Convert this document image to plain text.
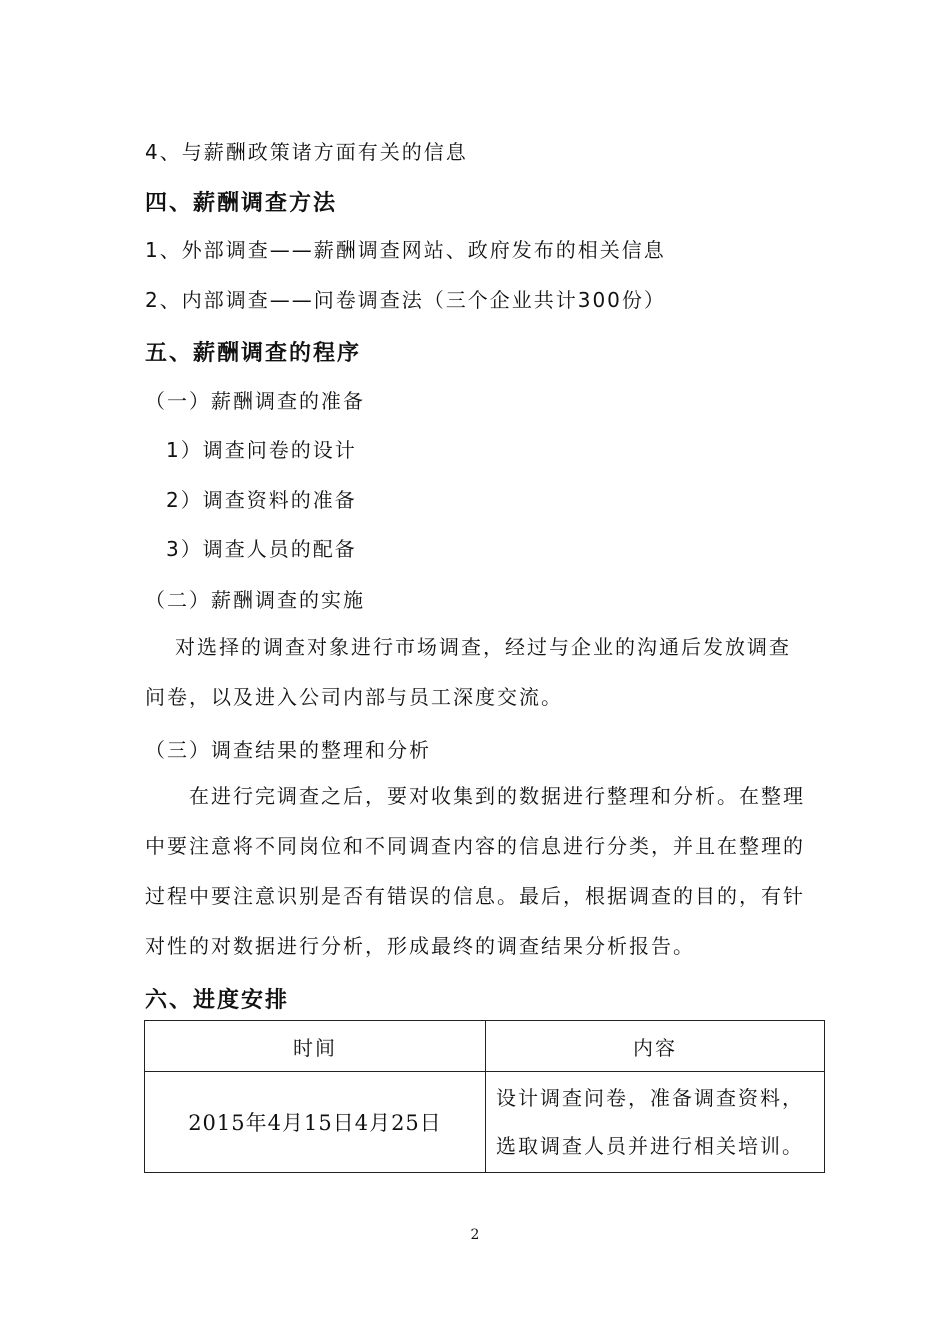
4、与薪酬政策诸方面有关的信息
四、薪酬调查方法
1、外部调查——薪酬调查网站、政府发布的相关信息
2、内部调查——问卷调查法（三个企业共计300份）
五、薪酬调查的程序
（一）薪酬调查的准备
1）调查问卷的设计
2）调查资料的准备
3）调查人员的配备
（二）薪酬调查的实施
对选择的调查对象进行市场调查，经过与企业的沟通后发放调查问卷，以及进入公司内部与员工深度交流。
（三）调查结果的整理和分析
在进行完调查之后，要对收集到的数据进行整理和分析。在整理中要注意将不同岗位和不同调查内容的信息进行分类，并且在整理的过程中要注意识别是否有错误的信息。最后，根据调查的目的，有针对性的对数据进行分析，形成最终的调查结果分析报告。
六、进度安排
时间	内容
2015年4月15日4月25日	设计调查问卷，准备调查资料，选取调查人员并进行相关培训。
2
